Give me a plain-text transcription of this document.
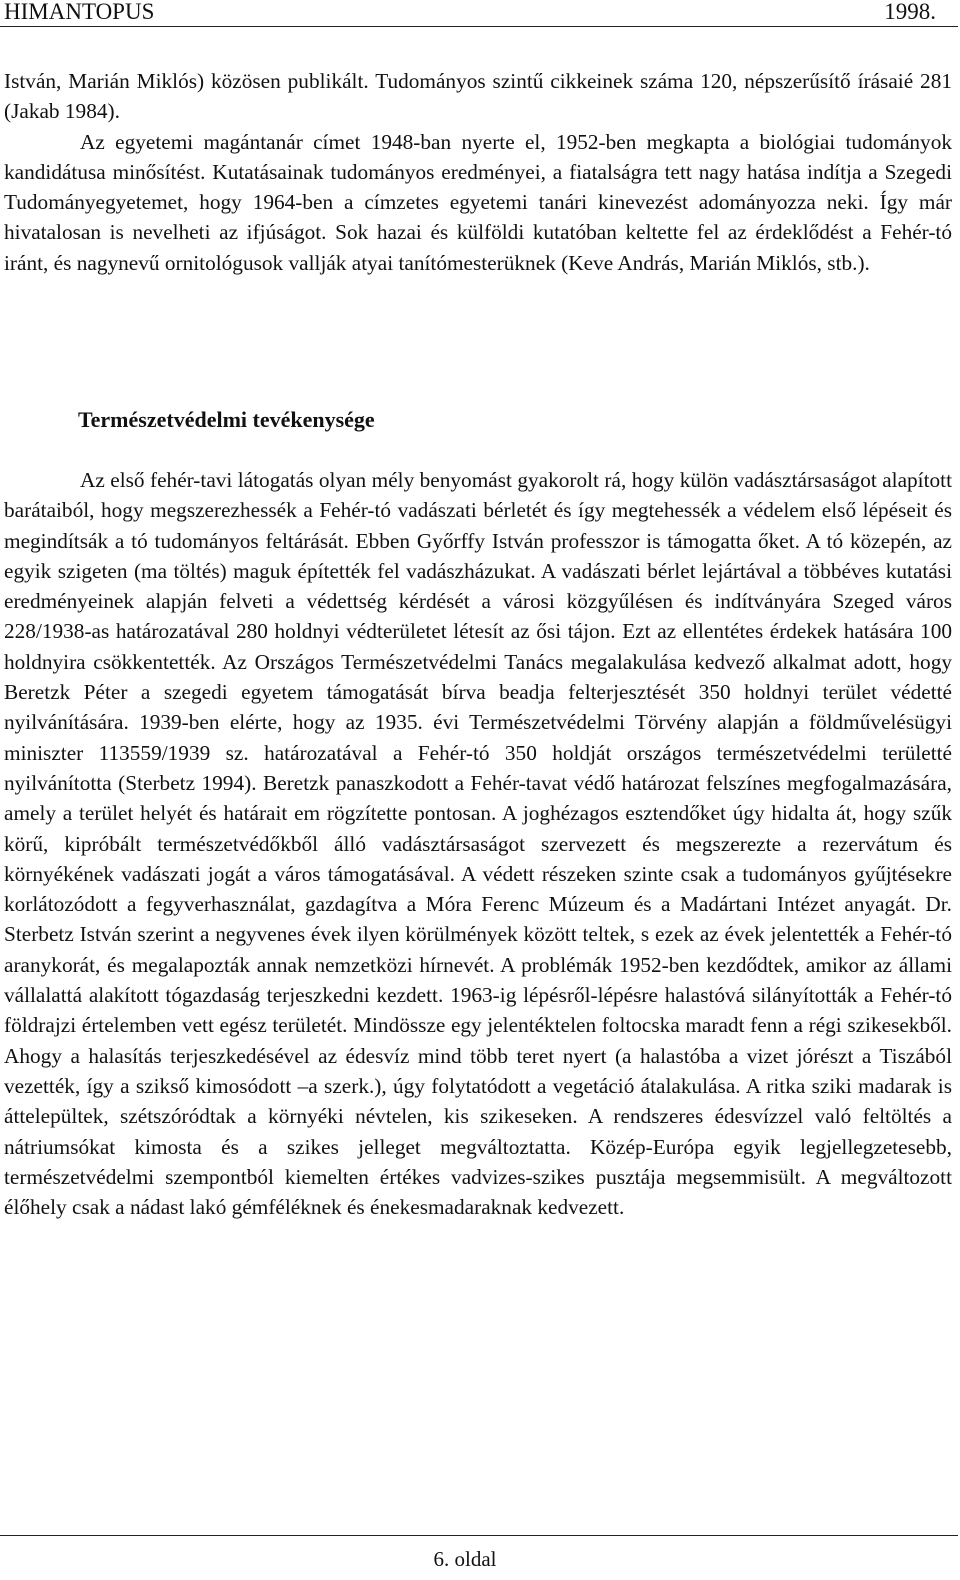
HIMANTOPUS	1998.

István, Marián Miklós) közösen publikált. Tudományos szintű cikkeinek száma 120, népszerűsítő írásaié 281 (Jakab 1984).

Az egyetemi magántanár címet 1948-ban nyerte el, 1952-ben megkapta a biológiai tudományok kandidátusa minősítést. Kutatásainak tudományos eredményei, a fiatalságra tett nagy hatása indítja a Szegedi Tudományegyetemet, hogy 1964-ben a címzetes egyetemi tanári kinevezést adományozza neki. Így már hivatalosan is nevelheti az ifjúságot. Sok hazai és külföldi kutatóban keltette fel az érdeklődést a Fehér-tó iránt, és nagynevű ornitológusok vallják atyai tanítómesterüknek (Keve András, Marián Miklós, stb.).

Természetvédelmi tevékenysége

Az első fehér-tavi látogatás olyan mély benyomást gyakorolt rá, hogy külön vadásztársaságot alapított barátaiból, hogy megszerezhessék a Fehér-tó vadászati bérletét és így megtehessék a védelem első lépéseit és megindítsák a tó tudományos feltárását. Ebben Győrffy István professzor is támogatta őket. A tó közepén, az egyik szigeten (ma töltés) maguk építették fel vadászházukat. A vadászati bérlet lejártával a többéves kutatási eredményeinek alapján felveti a védettség kérdését a városi közgyűlésen és indítványára Szeged város 228/1938-as határozatával 280 holdnyi védterületet létesít az ősi tájon. Ezt az ellentétes érdekek hatására 100 holdnyira csökkentették. Az Országos Természetvédelmi Tanács megalakulása kedvező alkalmat adott, hogy Beretzk Péter a szegedi egyetem támogatását bírva beadja felterjesztését 350 holdnyi terület védetté nyilvánítására. 1939-ben elérte, hogy az 1935. évi Természetvédelmi Törvény alapján a földművelésügyi miniszter 113559/1939 sz. határozatával a Fehér-tó 350 holdját országos természetvédelmi területté nyilvánította (Sterbetz 1994). Beretzk panaszkodott a Fehér-tavat védő határozat felszínes megfogalmazására, amely a terület helyét és határait em rögzítette pontosan. A joghézagos esztendőket úgy hidalta át, hogy szűk körű, kipróbált természetvédőkből álló vadásztársaságot szervezett és megszerezte a rezervátum és környékének vadászati jogát a város támogatásával. A védett részeken szinte csak a tudományos gyűjtésekre korlátozódott a fegyverhasználat, gazdagítva a Móra Ferenc Múzeum és a Madártani Intézet anyagát. Dr. Sterbetz István szerint a negyvenes évek ilyen körülmények között teltek, s ezek az évek jelentették a Fehér-tó aranykorát, és megalapozták annak nemzetközi hírnevét. A problémák 1952-ben kezdődtek, amikor az állami vállalattá alakított tógazdaság terjeszkedni kezdett. 1963-ig lépésről-lépésre halastóvá silányították a Fehér-tó földrajzi értelemben vett egész területét. Mindössze egy jelentéktelen foltocska maradt fenn a régi szikesekből. Ahogy a halasítás terjeszkedésével az édesvíz mind több teret nyert (a halastóba a vizet jórészt a Tiszából vezették, így a szikső kimosódott –a szerk.), úgy folytatódott a vegetáció átalakulása. A ritka sziki madarak is áttelepültek, szétszóródtak a környéki névtelen, kis szikeseken. A rendszeres édesvízzel való feltöltés a nátriumsókat kimosta és a szikes jelleget megváltoztatta. Közép-Európa egyik legjellegzetesebb, természetvédelmi szempontból kiemelten értékes vadvizes-szikes pusztája megsemmisült. A megváltozott élőhely csak a nádast lakó gémféléknek és énekesmadaraknak kedvezett.

6. oldal
